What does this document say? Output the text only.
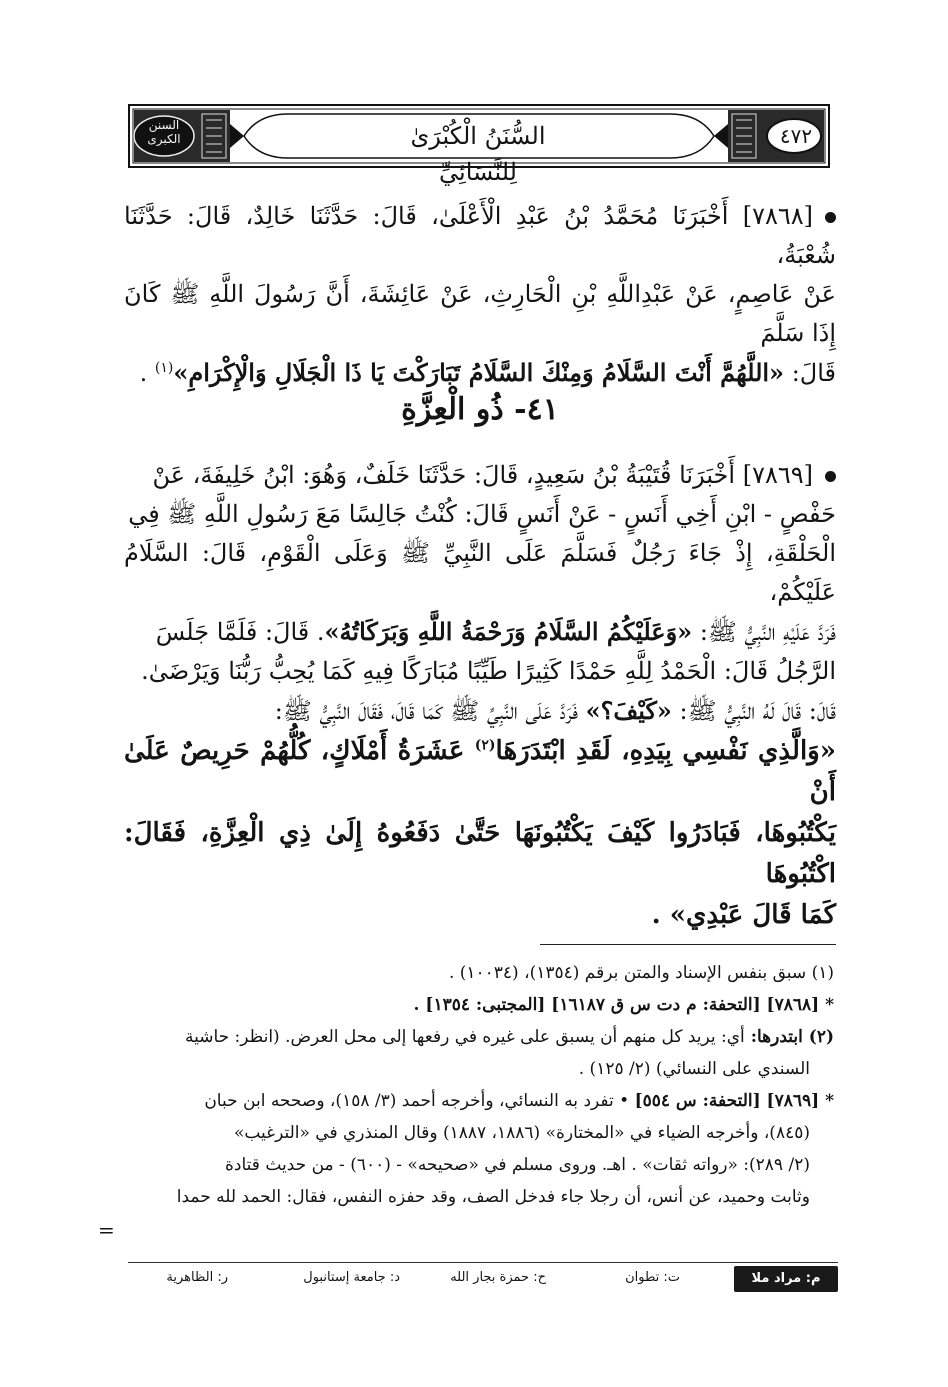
السنن الكبرى	السُّنَنُ الْكُبْرَىٰ لِلنَّسَائِيِّ
٤٧٢

[٧٨٦٨] أَخْبَرَنَا مُحَمَّدُ بْنُ عَبْدِ الْأَعْلَىٰ، قَالَ: حَدَّثَنَا خَالِدٌ، قَالَ: حَدَّثَنَا شُعْبَةُ،

عَنْ عَاصِمٍ، عَنْ عَبْدِاللَّهِ بْنِ الْحَارِثِ، عَنْ عَائِشَةَ، أَنَّ رَسُولَ اللَّهِ ﷺ كَانَ إِذَا سَلَّمَ

قَالَ: «اللَّهُمَّ أَنْتَ السَّلَامُ وَمِنْكَ السَّلَامُ تَبَارَكْتَ يَا ذَا الْجَلَالِ وَالْإِكْرَامِ»$^{(١)}$ .

٤١- ذُو الْعِزَّةِ

[٧٨٦٩] أَخْبَرَنَا قُتَيْبَةُ بْنُ سَعِيدٍ، قَالَ: حَدَّثَنَا خَلَفٌ، وَهُوَ: ابْنُ خَلِيفَةَ، عَنْ

حَفْصٍ - ابْنِ أَخِي أَنَسٍ - عَنْ أَنَسٍ قَالَ: كُنْتُ جَالِسًا مَعَ رَسُولِ اللَّهِ ﷺ فِي

الْحَلْقَةِ، إِذْ جَاءَ رَجُلٌ فَسَلَّمَ عَلَى النَّبِيِّ ﷺ وَعَلَى الْقَوْمِ، قَالَ: السَّلَامُ عَلَيْكُمْ،

فَرَدَّ عَلَيْهِ النَّبِيُّ ﷺ: «وَعَلَيْكُمُ السَّلَامُ وَرَحْمَةُ اللَّهِ وَبَرَكَاتُهُ». قَالَ: فَلَمَّا جَلَسَ

الرَّجُلُ قَالَ: الْحَمْدُ لِلَّهِ حَمْدًا كَثِيرًا طَيِّبًا مُبَارَكًا فِيهِ كَمَا يُحِبُّ رَبُّنَا وَيَرْضَىٰ.

قَالَ: قَالَ لَهُ النَّبِيُّ ﷺ: «كَيْفَ؟» فَرَدَّ عَلَى النَّبِيِّ ﷺ كَمَا قَالَ، فَقَالَ النَّبِيُّ ﷺ:

«وَالَّذِي نَفْسِي بِيَدِهِ، لَقَدِ ابْتَدَرَهَا$^{(٢)}$ عَشَرَةُ أَمْلَاكٍ، كُلُّهُمْ حَرِيصٌ عَلَىٰ أَنْ

يَكْتُبُوهَا، فَبَادَرُوا كَيْفَ يَكْتُبُونَهَا حَتَّىٰ دَفَعُوهُ إِلَىٰ ذِي الْعِزَّةِ، فَقَالَ: اكْتُبُوهَا

كَمَا قَالَ عَبْدِي» .

(١) سبق بنفس الإسناد والمتن برقم (١٣٥٤)، (١٠٠٣٤) .

* [٧٨٦٨] [التحفة: م دت س ق ١٦١٨٧] [المجتبى: ١٣٥٤] .

(٢) ابتدرها: أي: يريد كل منهم أن يسبق على غيره في رفعها إلى محل العرض. (انظر: حاشية

السندي على النسائي) (٢/ ١٢٥) .

* [٧٨٦٩] [التحفة: س ٥٥٤] • تفرد به النسائي، وأخرجه أحمد (٣/ ١٥٨)، وصححه ابن حبان

(٨٤٥)، وأخرجه الضياء في «المختارة» (١٨٨٦، ١٨٨٧) وقال المنذري في «الترغيب»

(٢/ ٢٨٩): «رواته ثقات» . اهـ. وروى مسلم في «صحيحه» - (٦٠٠) - من حديث قتادة

وثابت وحميد، عن أنس، أن رجلا جاء فدخل الصف، وقد حفزه النفس، فقال: الحمد لله حمدا

=
م: مراد ملا
ت: تطوان
ح: حمزة بجار الله
د: جامعة إستانبول
ر: الظاهرية
